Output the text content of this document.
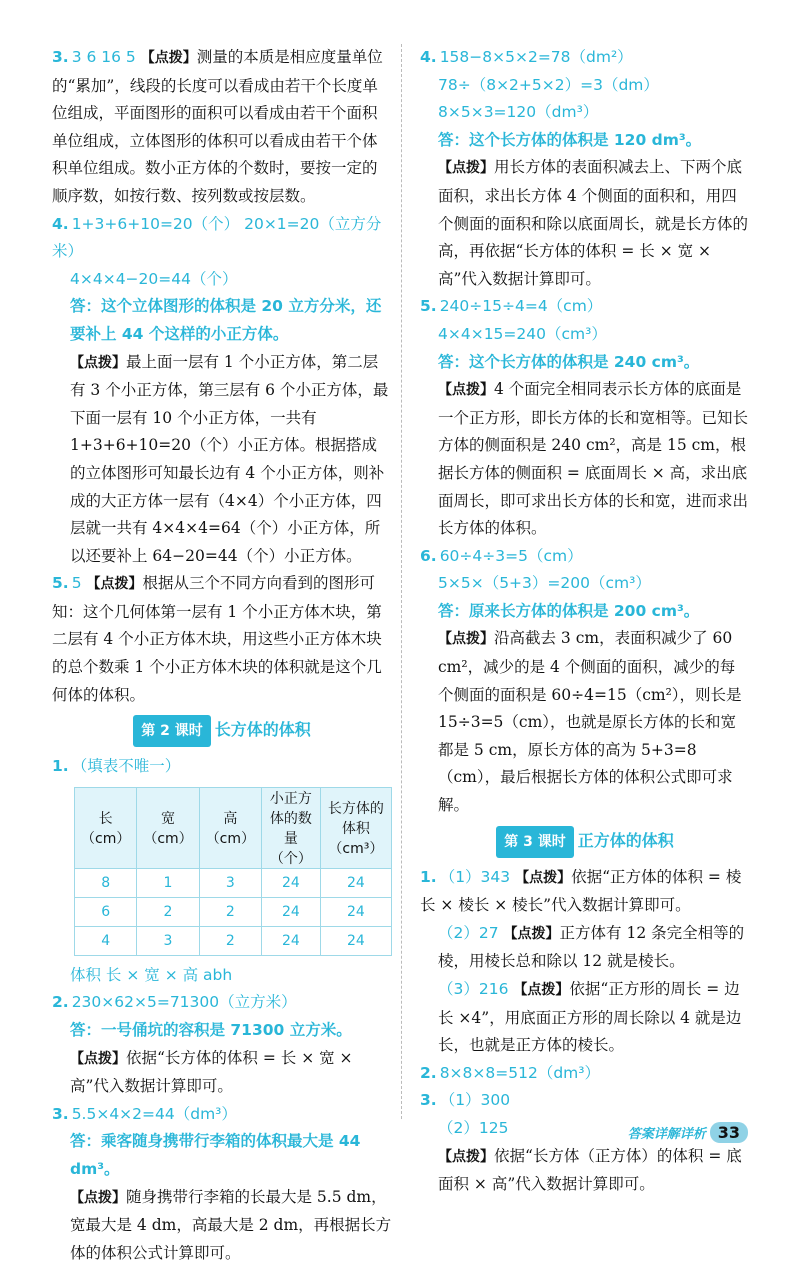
3. 3 6 16 5 【点拨】测量的本质是相应度量单位的“累加”，线段的长度可以看成由若干个长度单位组成，平面图形的面积可以看成由若干个面积单位组成，立体图形的体积可以看成由若干个体积单位组成。数小正方体的个数时，要按一定的顺序数，如按行数、按列数或按层数。
4. 1+3+6+10=20（个） 20×1=20（立方分米）
4×4×4−20=44（个）
答：这个立体图形的体积是 20 立方分米，还要补上 44 个这样的小正方体。
【点拨】最上面一层有 1 个小正方体，第二层有 3 个小正方体，第三层有 6 个小正方体，最下面一层有 10 个小正方体，一共有 1+3+6+10=20（个）小正方体。根据搭成的立体图形可知最长边有 4 个小正方体，则补成的大正方体一层有（4×4）个小正方体，四层就一共有 4×4×4=64（个）小正方体，所以还要补上 64−20=44（个）小正方体。
5. 5 【点拨】根据从三个不同方向看到的图形可知：这个几何体第一层有 1 个小正方体木块，第二层有 4 个小正方体木块，用这些小正方体木块的总个数乘 1 个小正方体木块的体积就是这个几何体的体积。
第 2 课时 长方体的体积
1. （填表不唯一）
长（cm）	宽（cm）	高（cm）	小正方体的数量（个）	长方体的体积（cm³）
8	1	3	24	24
6	2	2	24	24
4	3	2	24	24
体积 长 × 宽 × 高 abh
2. 230×62×5=71300（立方米）
答：一号俑坑的容积是 71300 立方米。
【点拨】依据“长方体的体积 = 长 × 宽 × 高”代入数据计算即可。
3. 5.5×4×2=44（dm³）
答：乘客随身携带行李箱的体积最大是 44 dm³。
【点拨】随身携带行李箱的长最大是 5.5 dm，宽最大是 4 dm，高最大是 2 dm，再根据长方体的体积公式计算即可。
4. 158−8×5×2=78（dm²）
78÷（8×2+5×2）=3（dm）
8×5×3=120（dm³）
答：这个长方体的体积是 120 dm³。
【点拨】用长方体的表面积减去上、下两个底面积，求出长方体 4 个侧面的面积和，用四个侧面的面积和除以底面周长，就是长方体的高，再依据“长方体的体积 = 长 × 宽 × 高”代入数据计算即可。
5. 240÷15÷4=4（cm）
4×4×15=240（cm³）
答：这个长方体的体积是 240 cm³。
【点拨】4 个面完全相同表示长方体的底面是一个正方形，即长方体的长和宽相等。已知长方体的侧面积是 240 cm²，高是 15 cm，根据长方体的侧面积 = 底面周长 × 高，求出底面周长，即可求出长方体的长和宽，进而求出长方体的体积。
6. 60÷4÷3=5（cm）
5×5×（5+3）=200（cm³）
答：原来长方体的体积是 200 cm³。
【点拨】沿高截去 3 cm，表面积减少了 60 cm²，减少的是 4 个侧面的面积，减少的每个侧面的面积是 60÷4=15（cm²），则长是 15÷3=5（cm），也就是原长方体的长和宽都是 5 cm，原长方体的高为 5+3=8（cm），最后根据长方体的体积公式即可求解。
第 3 课时 正方体的体积
1. （1）343 【点拨】依据“正方体的体积 = 棱长 × 棱长 × 棱长”代入数据计算即可。
（2）27 【点拨】正方体有 12 条完全相等的棱，用棱长总和除以 12 就是棱长。
（3）216 【点拨】依据“正方形的周长 = 边长 ×4”，用底面正方形的周长除以 4 就是边长，也就是正方体的棱长。
2. 8×8×8=512（dm³）
3. （1）300
（2）125
【点拨】依据“长方体（正方体）的体积 = 底面积 × 高”代入数据计算即可。
答案详解详析 33
